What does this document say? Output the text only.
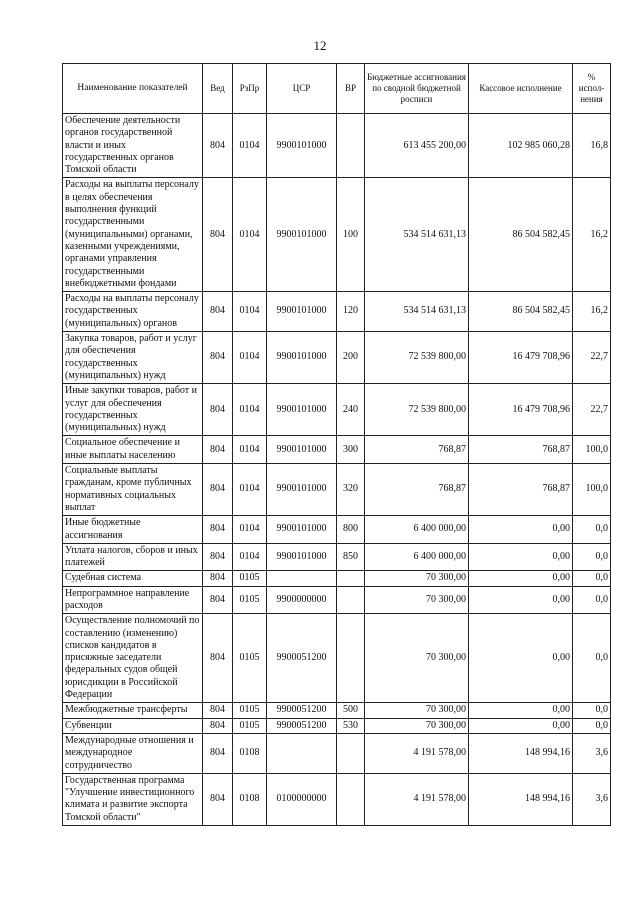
12
Наименование показателей	Вед	РзПр	ЦСР	ВР	Бюджетные ассигнования по сводной бюджетной росписи	Кассовое исполнение	% испол-нения
Обеспечение деятельности органов государственной власти и иных государственных органов Томской области	804	0104	9900101000		613 455 200,00	102 985 060,28	16,8
Расходы на выплаты персоналу в целях обеспечения выполнения функций государственными (муниципальными) органами, казенными учреждениями, органами управления государственными внебюджетными фондами	804	0104	9900101000	100	534 514 631,13	86 504 582,45	16,2
Расходы на выплаты персоналу государственных (муниципальных) органов	804	0104	9900101000	120	534 514 631,13	86 504 582,45	16,2
Закупка товаров, работ и услуг для обеспечения государственных (муниципальных) нужд	804	0104	9900101000	200	72 539 800,00	16 479 708,96	22,7
Иные закупки товаров, работ и услуг для обеспечения государственных (муниципальных) нужд	804	0104	9900101000	240	72 539 800,00	16 479 708,96	22,7
Социальное обеспечение и иные выплаты населению	804	0104	9900101000	300	768,87	768,87	100,0
Социальные выплаты гражданам, кроме публичных нормативных социальных выплат	804	0104	9900101000	320	768,87	768,87	100,0
Иные бюджетные ассигнования	804	0104	9900101000	800	6 400 000,00	0,00	0,0
Уплата налогов, сборов и иных платежей	804	0104	9900101000	850	6 400 000,00	0,00	0,0
Судебная система	804	0105			70 300,00	0,00	0,0
Непрограммное направление расходов	804	0105	9900000000		70 300,00	0,00	0,0
Осуществление полномочий по составлению (изменению) списков кандидатов в присяжные заседатели федеральных судов общей юрисдикции в Российской Федерации	804	0105	9900051200		70 300,00	0,00	0,0
Межбюджетные трансферты	804	0105	9900051200	500	70 300,00	0,00	0,0
Субвенции	804	0105	9900051200	530	70 300,00	0,00	0,0
Международные отношения и международное сотрудничество	804	0108			4 191 578,00	148 994,16	3,6
Государственная программа "Улучшение инвестиционного климата и развитие экспорта Томской области"	804	0108	0100000000		4 191 578,00	148 994,16	3,6
